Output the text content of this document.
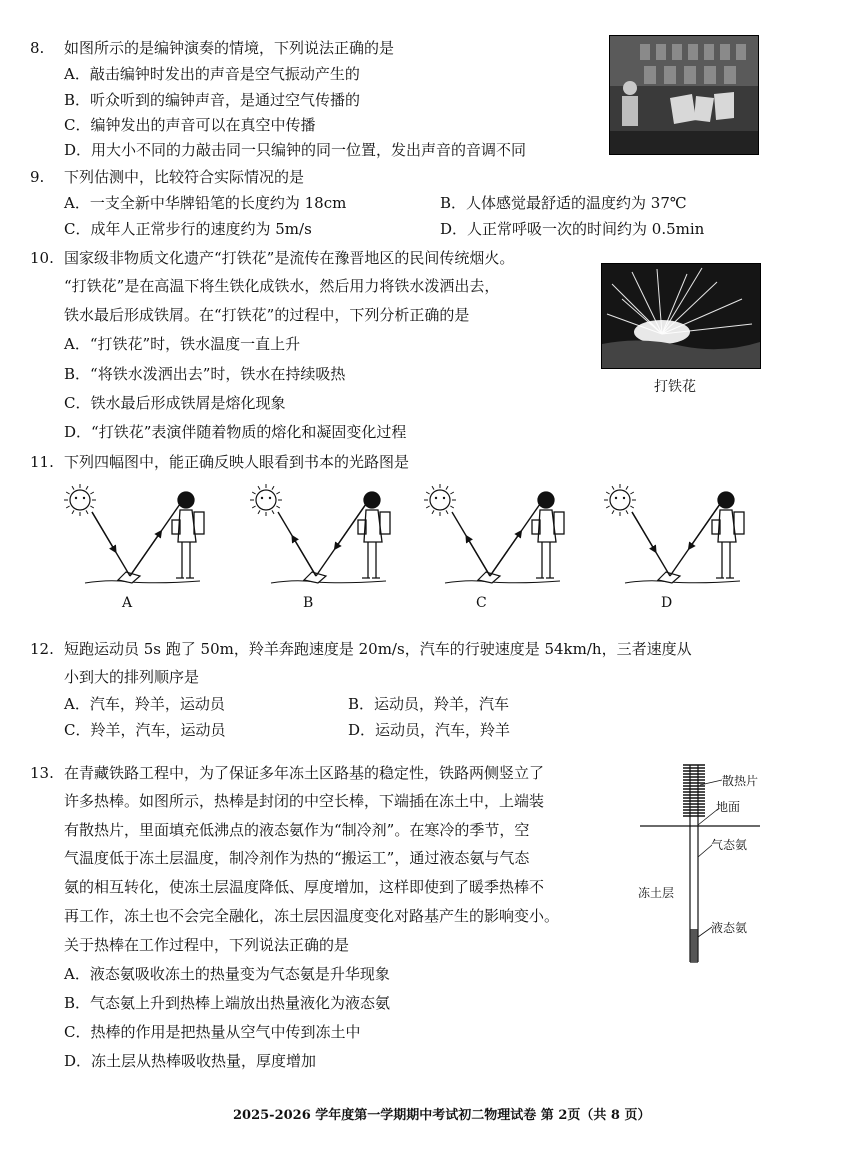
8. 如图所示的是编钟演奏的情境，下列说法正确的是
A．敲击编钟时发出的声音是空气振动产生的
B．听众听到的编钟声音，是通过空气传播的
C．编钟发出的声音可以在真空中传播
D．用大小不同的力敲击同一只编钟的同一位置，发出声音的音调不同
9. 下列估测中，比较符合实际情况的是
A．一支全新中华牌铅笔的长度约为 18cm	B．人体感觉最舒适的温度约为 37℃
C．成年人正常步行的速度约为 5m/s	D．人正常呼吸一次的时间约为 0.5min
10. 国家级非物质文化遗产“打铁花”是流传在豫晋地区的民间传统烟火。
“打铁花”是在高温下将生铁化成铁水，然后用力将铁水泼洒出去，
铁水最后形成铁屑。在“打铁花”的过程中，下列分析正确的是
A．“打铁花”时，铁水温度一直上升
B．“将铁水泼洒出去”时，铁水在持续吸热
C．铁水最后形成铁屑是熔化现象
D．“打铁花”表演伴随着物质的熔化和凝固变化过程
打铁花
11. 下列四幅图中，能正确反映人眼看到书本的光路图是
A	B	C	D
12. 短跑运动员 5s 跑了 50m，羚羊奔跑速度是 20m/s，汽车的行驶速度是 54km/h，三者速度从
小到大的排列顺序是
A．汽车，羚羊，运动员	B．运动员，羚羊，汽车
C．羚羊，汽车，运动员	D．运动员，汽车，羚羊
13. 在青藏铁路工程中，为了保证多年冻土区路基的稳定性，铁路两侧竖立了
许多热棒。如图所示，热棒是封闭的中空长棒，下端插在冻土中，上端装
有散热片，里面填充低沸点的液态氨作为“制冷剂”。在寒冷的季节，空
气温度低于冻土层温度，制冷剂作为热的“搬运工”，通过液态氨与气态
氨的相互转化，使冻土层温度降低、厚度增加，这样即使到了暖季热棒不
再工作，冻土也不会完全融化，冻土层因温度变化对路基产生的影响变小。
关于热棒在工作过程中，下列说法正确的是
A．液态氨吸收冻土的热量变为气态氨是升华现象
B．气态氨上升到热棒上端放出热量液化为液态氨
C．热棒的作用是把热量从空气中传到冻土中
D．冻土层从热棒吸收热量，厚度增加
散热片
地面
气态氨
冻土层
液态氨
2025-2026 学年度第一学期期中考试初二物理试卷 第 2页（共 8 页）
